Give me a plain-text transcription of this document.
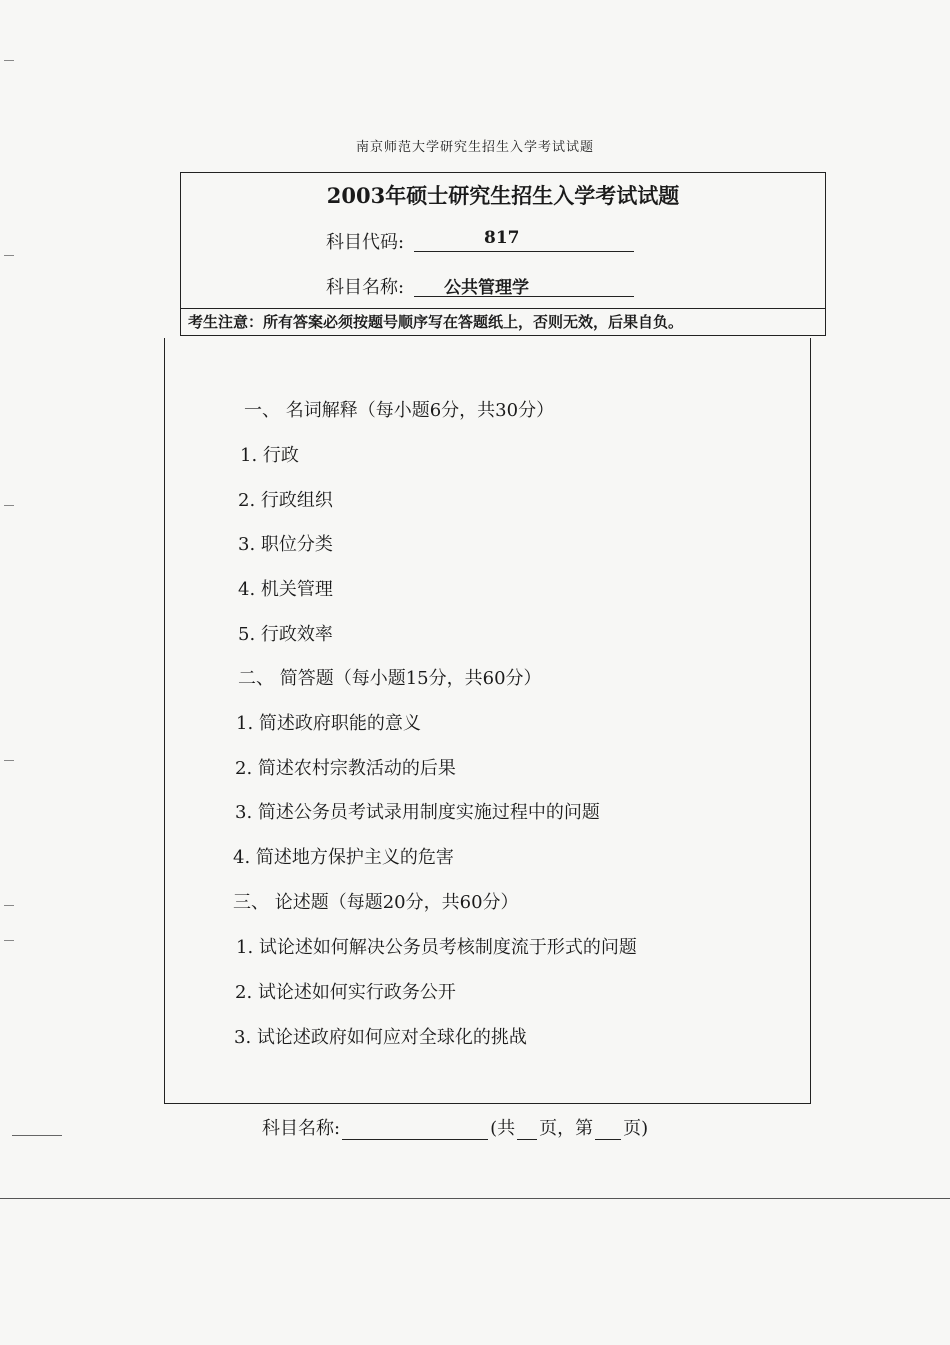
南京师范大学研究生招生入学考试试题
2003年硕士研究生招生入学考试试题
科目代码:	817
科目名称:	公共管理学
考生注意：所有答案必须按题号顺序写在答题纸上，否则无效，后果自负。
一、 名词解释（每小题6分，共30分）
1. 行政
2. 行政组织
3. 职位分类
4. 机关管理
5. 行政效率
二、 简答题（每小题15分，共60分）
1. 简述政府职能的意义
2. 简述农村宗教活动的后果
3. 简述公务员考试录用制度实施过程中的问题
4. 简述地方保护主义的危害
三、 论述题（每题20分，共60分）
1. 试论述如何解决公务员考核制度流于形式的问题
2. 试论述如何实行政务公开
3. 试论述政府如何应对全球化的挑战
科目名称:	(共 页，第 页)
